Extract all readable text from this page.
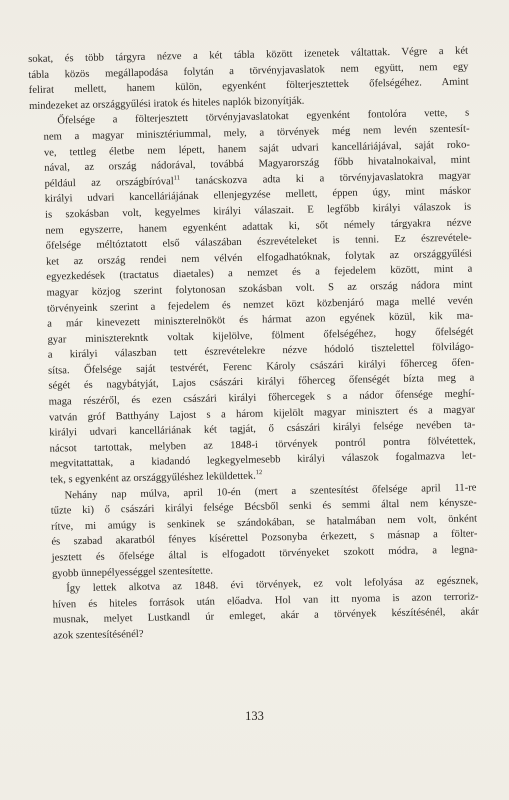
sokat, és több tárgyra nézve a két tábla között izenetek váltattak. Végre a két
tábla közös megállapodása folytán a törvényjavaslatok nem együtt, nem egy
felirat mellett, hanem külön, egyenként fölterjesztettek őfelségéhez. Amint
mindezeket az országgyűlési iratok és hiteles naplók bizonyítják.
Őfelsége a fölterjesztett törvényjavaslatokat egyenként fontolóra vette, s
nem a magyar minisztériummal, mely, a törvények még nem levén szentesít-
ve, tettleg életbe nem lépett, hanem saját udvari kancelláriájával, saját roko-
nával, az ország nádorával, továbbá Magyarország főbb hivatalnokaival, mint
például az országbíróval$^{11}$ tanácskozva adta ki a törvényjavaslatokra magyar
királyi udvari kancelláriájának ellenjegyzése mellett, éppen úgy, mint máskor
is szokásban volt, kegyelmes királyi válaszait. E legfőbb királyi válaszok is
nem egyszerre, hanem egyenként adattak ki, sőt némely tárgyakra nézve
őfelsége méltóztatott első válaszában észrevételeket is tenni. Ez észrevétele-
ket az ország rendei nem vélvén elfogadhatóknak, folytak az országgyűlési
egyezkedések (tractatus diaetales) a nemzet és a fejedelem között, mint a
magyar közjog szerint folytonosan szokásban volt. S az ország nádora mint
törvényeink szerint a fejedelem és nemzet közt közbenjáró maga mellé vevén
a már kinevezett miniszterelnököt és hármat azon egyének közül, kik ma-
gyar miniszterekntk voltak kijelölve, fölment őfelségéhez, hogy őfelségét
a királyi válaszban tett észrevételekre nézve hódoló tisztelettel fölvilágo-
sítsa. Őfelsége saját testvérét, Ferenc Károly császári királyi főherceg őfen-
ségét és nagybátyját, Lajos császári királyi főherceg őfenségét bízta meg a
maga részéről, és ezen császári királyi főhercegek s a nádor őfensége meghí-
vatván gróf Batthyány Lajost s a három kijelölt magyar minisztert és a magyar
királyi udvari kancelláriának két tagját, ő császári királyi felsége nevében ta-
nácsot tartottak, melyben az 1848-i törvények pontról pontra fölvétettek,
megvitattattak, a kiadandó legkegyelmesebb királyi válaszok fogalmazva let-
tek, s egyenként az országgyűléshez leküldettek.$^{12}$
Nehány nap múlva, april 10-én (mert a szentesítést őfelsége april 11-re
tűzte ki) ő császári királyi felsége Bécsből senki és semmi által nem kénysze-
rítve, mi amúgy is senkinek se szándokában, se hatalmában nem volt, önként
és szabad akaratból fényes kísérettel Pozsonyba érkezett, s másnap a fölter-
jesztett és őfelsége által is elfogadott törvényeket szokott módra, a legna-
gyobb ünnepélyességgel szentesítette.
Így lettek alkotva az 1848. évi törvények, ez volt lefolyása az egésznek,
híven és hiteles források után előadva. Hol van itt nyoma is azon terroriz-
musnak, melyet Lustkandl úr emleget, akár a törvények készítésénél, akár
azok szentesítésénél?
133
